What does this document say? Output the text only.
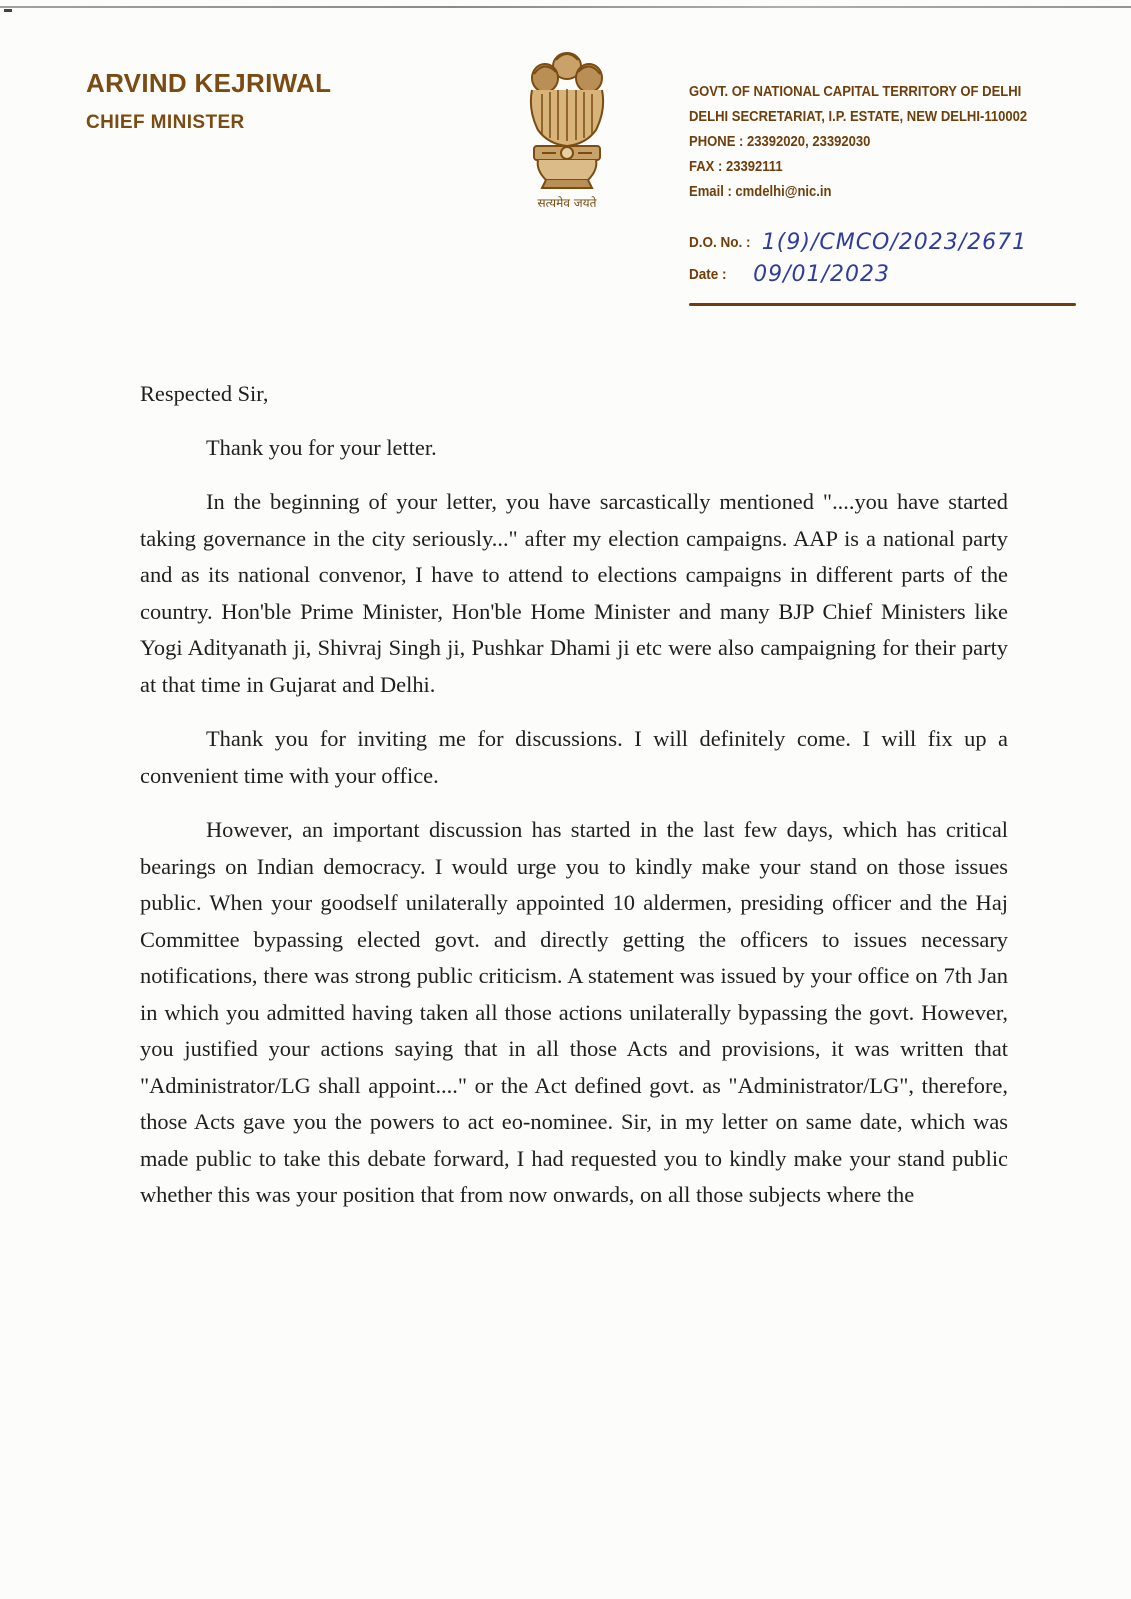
ARVIND KEJRIWAL
CHIEF MINISTER
सत्यमेव जयते
GOVT. OF NATIONAL CAPITAL TERRITORY OF DELHI
DELHI SECRETARIAT, I.P. ESTATE, NEW DELHI-110002
PHONE : 23392020, 23392030
FAX : 23392111
Email : cmdelhi@nic.in
D.O. No. : 1(9)/CMCO/2023/2671
Date : 09/01/2023

Respected Sir,

Thank you for your letter.

In the beginning of your letter, you have sarcastically mentioned "....you have started taking governance in the city seriously..." after my election campaigns. AAP is a national party and as its national convenor, I have to attend to elections campaigns in different parts of the country. Hon'ble Prime Minister, Hon'ble Home Minister and many BJP Chief Ministers like Yogi Adityanath ji, Shivraj Singh ji, Pushkar Dhami ji etc were also campaigning for their party at that time in Gujarat and Delhi.

Thank you for inviting me for discussions. I will definitely come. I will fix up a convenient time with your office.

However, an important discussion has started in the last few days, which has critical bearings on Indian democracy. I would urge you to kindly make your stand on those issues public. When your goodself unilaterally appointed 10 aldermen, presiding officer and the Haj Committee bypassing elected govt. and directly getting the officers to issues necessary notifications, there was strong public criticism. A statement was issued by your office on 7th Jan in which you admitted having taken all those actions unilaterally bypassing the govt. However, you justified your actions saying that in all those Acts and provisions, it was written that "Administrator/LG shall appoint...." or the Act defined govt. as "Administrator/LG", therefore, those Acts gave you the powers to act eo-nominee. Sir, in my letter on same date, which was made public to take this debate forward, I had requested you to kindly make your stand public whether this was your position that from now onwards, on all those subjects where the
